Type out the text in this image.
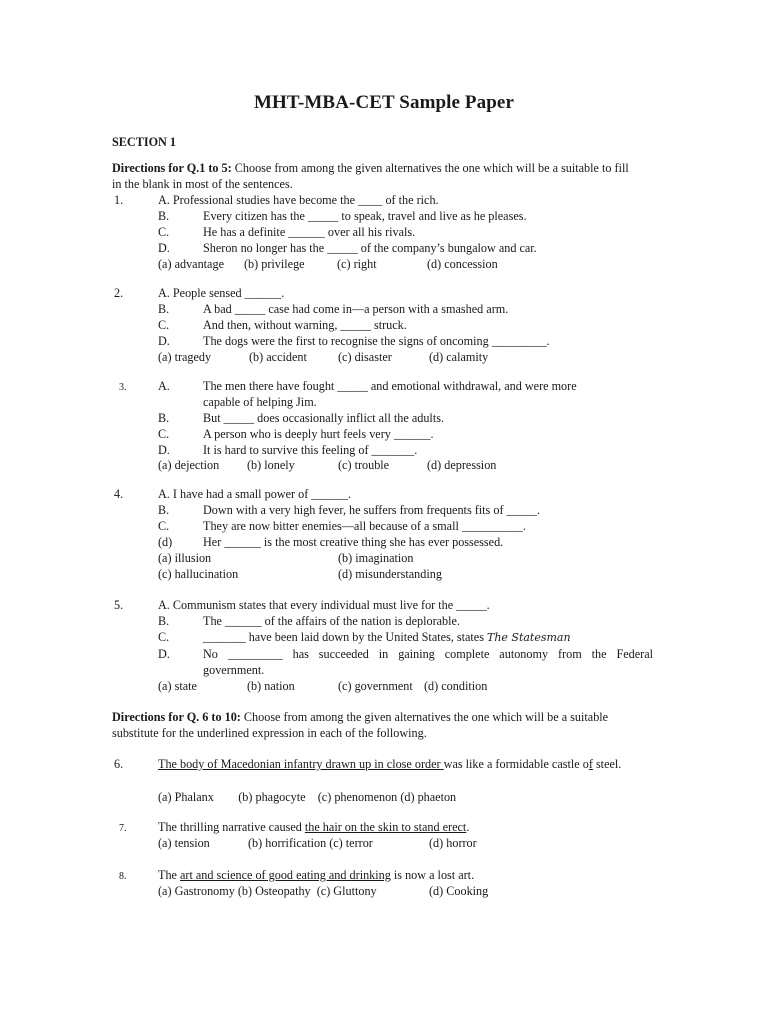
MHT-MBA-CET Sample Paper
SECTION 1
Directions for Q.1 to 5: Choose from among the given alternatives the one which will be a suitable to fill
in the blank in most of the sentences.
1.	A. Professional studies have become the ____ of the rich.
B.	Every citizen has the _____ to speak, travel and live as he pleases.
C.	He has a definite ______ over all his rivals.
D.	Sheron no longer has the _____ of the company’s bungalow and car.
(a) advantage (b) privilege	(c) right	(d) concession
2.	A. People sensed ______.
B.	A bad _____ case had come in—a person with a smashed arm.
C.	And then, without warning, _____ struck.
D.	The dogs were the first to recognise the signs of oncoming _________.
(a) tragedy	(b) accident	(c) disaster	(d) calamity
3.	A.	The men there have fought _____ and emotional withdrawal, and were more
capable of helping Jim.
B.	But _____ does occasionally inflict all the adults.
C.	A person who is deeply hurt feels very ______.
D.	It is hard to survive this feeling of _______.
(a) dejection (b) lonely	(c) trouble	(d) depression
4.	A. I have had a small power of ______.
B.	Down with a very high fever, he suffers from frequents fits of _____.
C.	They are now bitter enemies—all because of a small __________.
(d)	Her ______ is the most creative thing she has ever possessed.
(a) illusion	(b) imagination
(c) hallucination	(d) misunderstanding
5.	A. Communism states that every individual must live for the _____.
B.	The ______ of the affairs of the nation is deplorable.
C.	_______ have been laid down by the United States, states The Statesman
D.	No _________ has succeeded in gaining complete autonomy from the Federal
government.
(a) state	(b) nation	(c) government (d) condition
Directions for Q. 6 to 10: Choose from among the given alternatives the one which will be a suitable
substitute for the underlined expression in each of the following.
6.	The body of Macedonian infantry drawn up in close order was like a formidable castle of steel.
(a) Phalanx        (b) phagocyte    (c) phenomenon (d) phaeton
7.	The thrilling narrative caused the hair on the skin to stand erect.
(a) tension	(b) horrification (c) terror	(d) horror
8.	The art and science of good eating and drinking is now a lost art.
(a) Gastronomy (b) Osteopathy  (c) Gluttony	(d) Cooking
